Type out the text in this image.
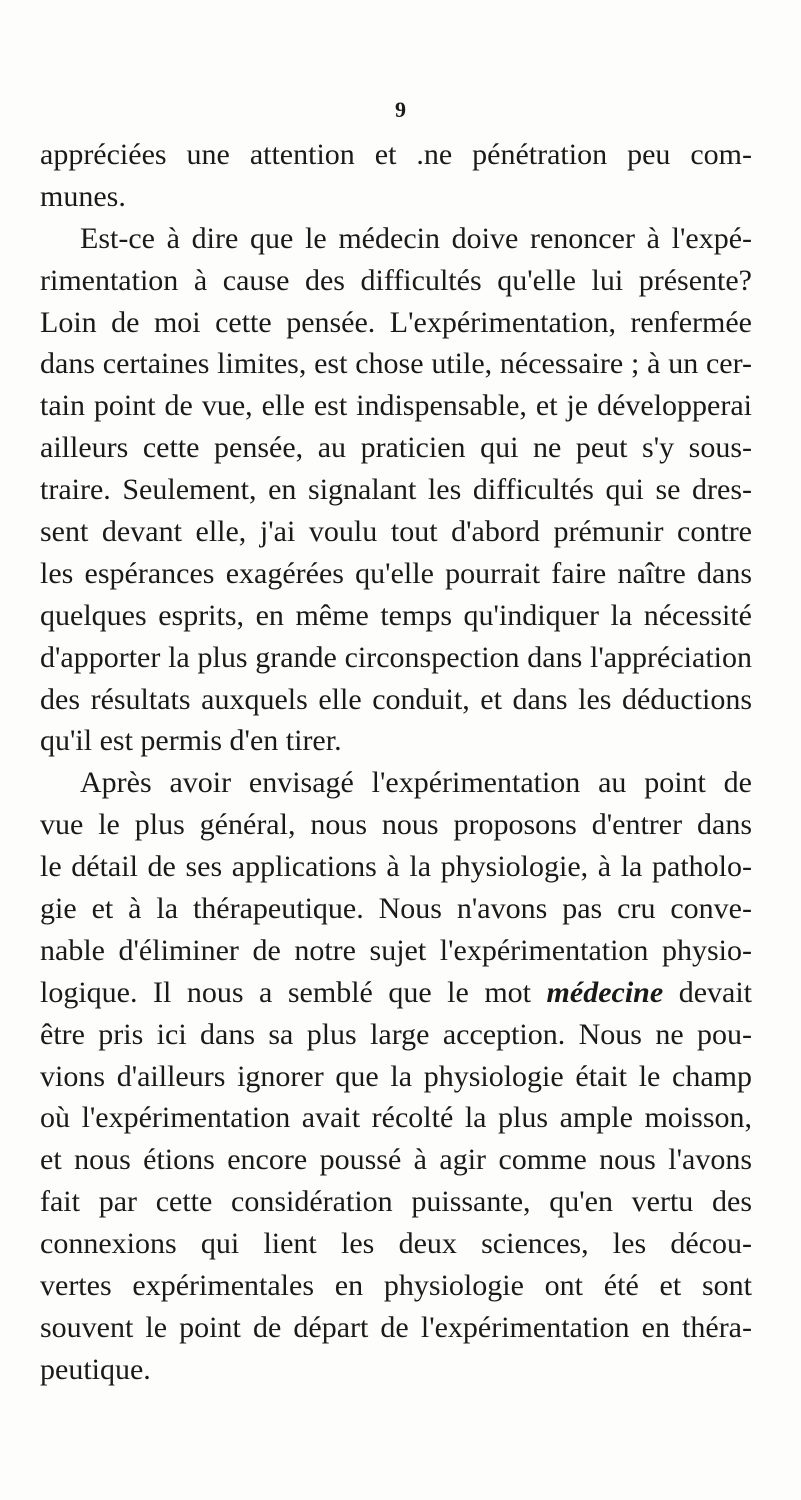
9
appréciées une attention et .ne pénétration peu com-
munes.
Est-ce à dire que le médecin doive renoncer à l'expé-
rimentation à cause des difficultés qu'elle lui présente?
Loin de moi cette pensée. L'expérimentation, renfermée
dans certaines limites, est chose utile, nécessaire ; à un cer-
tain point de vue, elle est indispensable, et je développerai
ailleurs cette pensée, au praticien qui ne peut s'y sous-
traire. Seulement, en signalant les difficultés qui se dres-
sent devant elle, j'ai voulu tout d'abord prémunir contre
les espérances exagérées qu'elle pourrait faire naître dans
quelques esprits, en même temps qu'indiquer la nécessité
d'apporter la plus grande circonspection dans l'appréciation
des résultats auxquels elle conduit, et dans les déductions
qu'il est permis d'en tirer.
Après avoir envisagé l'expérimentation au point de
vue le plus général, nous nous proposons d'entrer dans
le détail de ses applications à la physiologie, à la patholo-
gie et à la thérapeutique. Nous n'avons pas cru conve-
nable d'éliminer de notre sujet l'expérimentation physio-
logique. Il nous a semblé que le mot médecine devait
être pris ici dans sa plus large acception. Nous ne pou-
vions d'ailleurs ignorer que la physiologie était le champ
où l'expérimentation avait récolté la plus ample moisson,
et nous étions encore poussé à agir comme nous l'avons
fait par cette considération puissante, qu'en vertu des
connexions qui lient les deux sciences, les décou-
vertes expérimentales en physiologie ont été et sont
souvent le point de départ de l'expérimentation en théra-
peutique.
